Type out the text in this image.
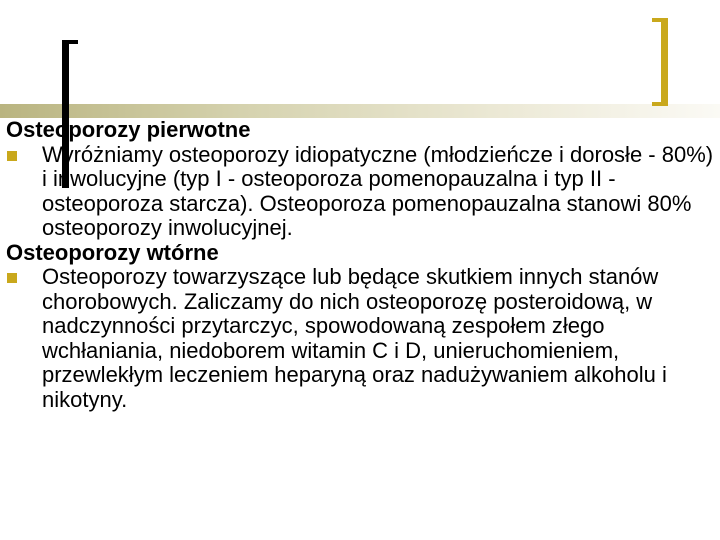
Osteoporozy pierwotne
Wyróżniamy osteoporozy idiopatyczne (młodzieńcze i dorosłe - 80%) i inwolucyjne (typ I - osteoporoza pomenopauzalna i typ II - osteoporoza starcza). Osteoporoza pomenopauzalna stanowi 80% osteoporozy inwolucyjnej.
Osteoporozy wtórne
Osteoporozy towarzyszące lub będące skutkiem innych stanów chorobowych. Zaliczamy do nich osteoporozę posteroidową, w nadczynności przytarczyc, spowodowaną zespołem złego wchłaniania, niedoborem witamin C i D, unieruchomieniem, przewlekłym leczeniem heparyną oraz nadużywaniem alkoholu i nikotyny.
